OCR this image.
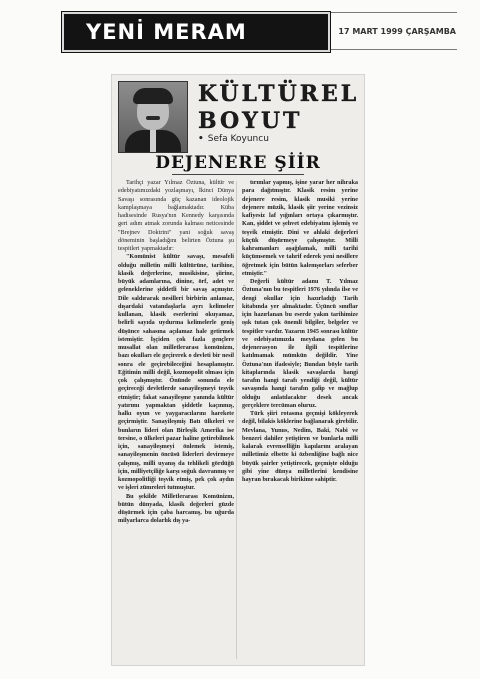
YENİ MERAM	17 MART 1999 ÇARŞAMBA
KÜLTÜREL
BOYUT
• Sefa Koyuncu
DEJENERE ŞİİR

Tarihçi yazar Yılmaz Öztuna, kültür ve edebiyatımızdaki yozlaşmayı, İkinci Dünya Savaşı sonrasında güç kazanan ideolojik kamplaşmaya bağlamaktadır. Küba hadisesinde Rusya'nın Kennedy karşısında geri adım atmak zorunda kalması neticesinde "Brejnev Doktrini" yani soğuk savaş döneminin başladığını belirten Öztuna şu tespitleri yapmaktadır:

"Komünist kültür savaşı, mesafeli olduğu milletin milli kültürüne, tarihine, klasik değerlerine, musikisine, şiirine, büyük adamlarına, dinine, örf, adet ve geleneklerine şiddetli bir savaş açmıştır. Dile saldırarak nesilleri birbirin anlamaz, dışardaki vatandaşlarla ayrı kelimeler kullanan, klasik eserlerini okuyamaz, belirli sayıda uydurma kelimelerle geniş düşünce sahasına açılamaz hale getirmek istemiştir. İşçiden çok fazla gençlere musallat olan milletlerarası komünizm, bazı okulları ele geçirerek o devleti bir nesil sonra ele geçirebileceğini hesaplamıştır. Eğitimin milli değil, kozmopolit olması için çok çalışmıştır. Önünde sonunda ele geçireceği devletlerde sanayileşmeyi teşvik etmiştir; fakat sanayileşme yanında kültür yatırımı yapmaktan şiddetle kaçınmış, halkı oyun ve yaygaracılarını harekete geçirmiştir. Sanayileşmiş Batı ülkeleri ve bunların lideri olan Birleşik Amerika ise tersine, o ülkeleri pazar haline getirebilmek için, sanayileşmeyi önlemek istemiş, sanayileşmenin öncüsü liderleri devirmeye çalışmış, milli uyanış da tehlikeli gördüğü için, milliyetçiliğe karşı soğuk davranmış ve kozmopolitliği teşvik etmiş, pek çok aydın ve işleri zümreleri tutmuştur.

Bu şekilde Milletlerarası Komünizm, bütün dünyada, klasik değerleri güzde düşürmek için çaba harcamış, bu uğurda milyarlarca dolarlık dış ya-

tırımlar yapmış, işine yarar her nihraka para dağıtmıştır. Klasik resim yerine dejenere resim, klasik musiki yerine dejenere müzik, klasik şiir yerine vezinsiz kafiyesiz laf yığınları ortaya çıkarmıştır. Kan, şiddet ve şehvet edebiyatını işlemiş ve teşvik etmiştir. Dini ve ahlaki değerleri küçük düşürmeye çalışmıştır. Milli kahramanları aşağılamak, milli tarihi küçümsemek ve tahrif ederek yeni nesillere öğretmek için bütün kalemşorları seferber etmiştir."

Değerli kültür adamı T. Yılmaz Öztuna'nın bu tespitleri 1976 yılında ilse ve dengi okullar için hazırladığı Tarih kitabında yer almaktadır. Üçüncü sınıflar için hazırlanan bu eserde yakın tarihimize ışık tutan çok önemli bilgiler, belgeler ve tespitler vardır. Yazarın 1945 sonrası kültür ve edebiyatımızda meydana gelen bu dejenerasyon ile ilgili tespitlerine katılmamak mümkün değildir. Yine Öztuna'nın ifadesiyle; Bundan böyle tarih kitaplarında klasik savaşlarda hangi tarafın hangi tarafı yendiği değil, kültür savaşında hangi tarafın galip ve mağlup olduğu anlatılacaktır desek ancak gerçeklere tercüman oluruz.

Türk şiiri rotasına geçmişi kökleyerek değil, bilakis köklerine bağlanarak girebilir. Mevlana, Yunus, Nedim, Baki, Nabi ve benzeri dahiler yetiştiren ve bunlarla milli kalarak evrenselliğin kapılarını aralayan milletimiz elbette ki özbenliğine bağlı nice büyük şairler yetiştirecek, geçmişte olduğu gibi yine dünya milletlerini kendisine hayran bırakacak birikime sahiptir.
